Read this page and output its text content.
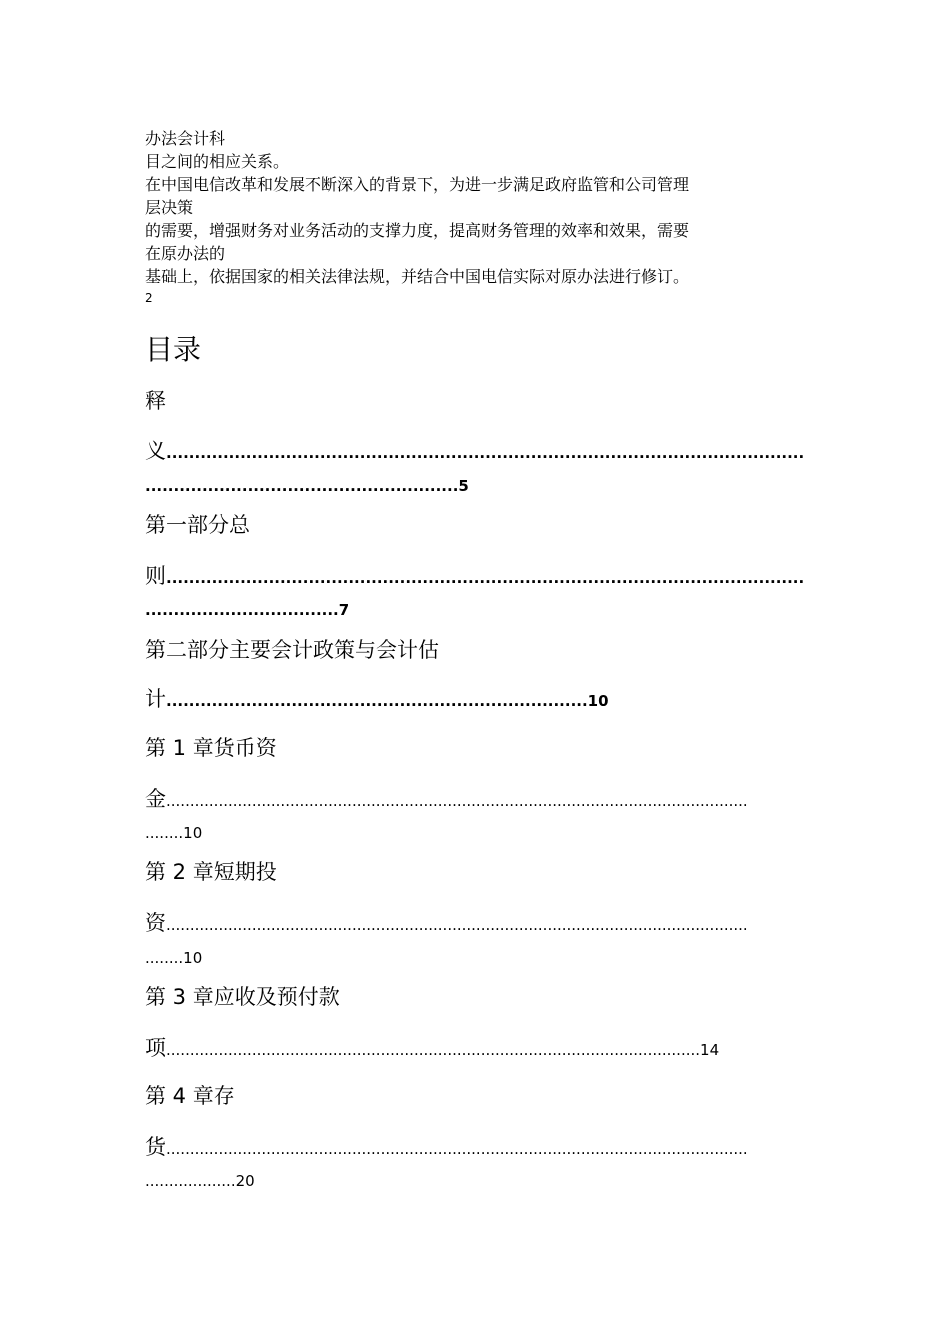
办法会计科
目之间的相应关系。
在中国电信改革和发展不断深入的背景下，为进一步满足政府监管和公司管理
层决策
的需要，增强财务对业务活动的支撑力度，提高财务管理的效率和效果，需要
在原办法的
基础上，依据国家的相关法律法规，并结合中国电信实际对原办法进行修订。
2
目录
释
义................................................................................................................
.......................................................5
第一部分总
则................................................................................................................
..................................7
第二部分主要会计政策与会计估
计..........................................................................10
第 1 章货币资
金..........................................................................................................................
........10
第 2 章短期投
资..........................................................................................................................
........10
第 3 章应收及预付款
项................................................................................................................14
第 4 章存
货..........................................................................................................................
...................20
